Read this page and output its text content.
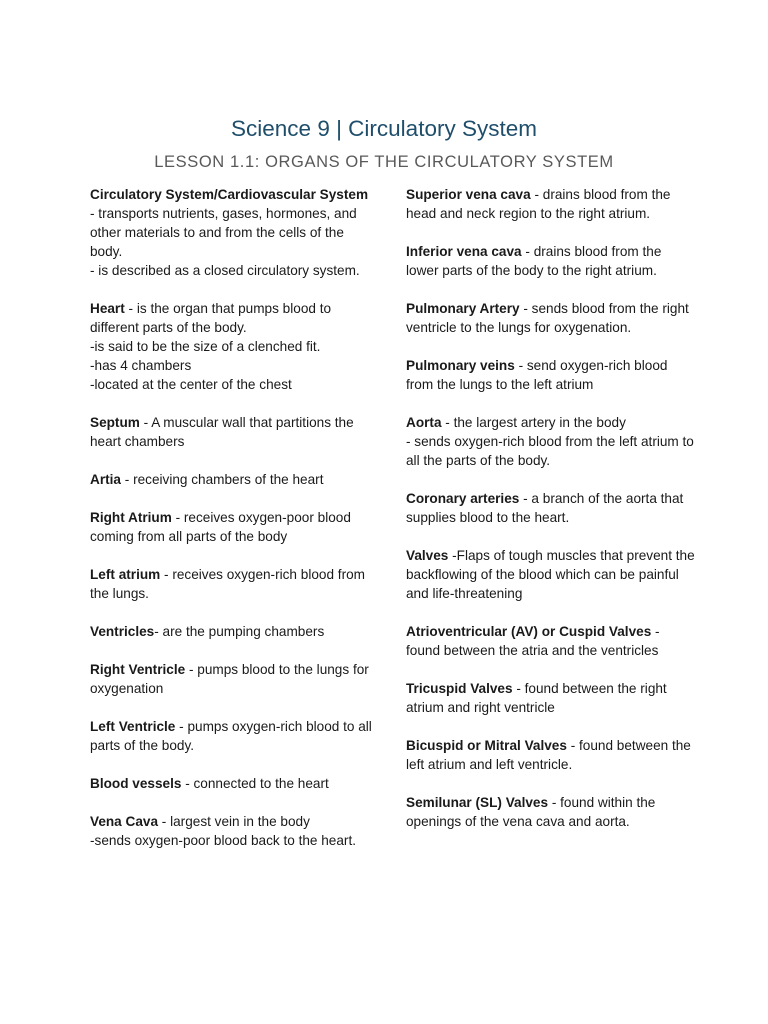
Science 9 | Circulatory System
LESSON 1.1: ORGANS OF THE CIRCULATORY SYSTEM

Circulatory System/Cardiovascular System - transports nutrients, gases, hormones, and other materials to and from the cells of the body.

- is described as a closed circulatory system.

Heart - is the organ that pumps blood to different parts of the body.

-is said to be the size of a clenched fit.

-has 4 chambers

-located at the center of the chest

Septum - A muscular wall that partitions the heart chambers

Artia - receiving chambers of the heart

Right Atrium - receives oxygen-poor blood coming from all parts of the body

Left atrium - receives oxygen-rich blood from the lungs.

Ventricles- are the pumping chambers

Right Ventricle - pumps blood to the lungs for oxygenation

Left Ventricle - pumps oxygen-rich blood to all parts of the body.

Blood vessels - connected to the heart

Vena Cava - largest vein in the body

-sends oxygen-poor blood back to the heart.

Superior vena cava - drains blood from the head and neck region to the right atrium.

Inferior vena cava - drains blood from the lower parts of the body to the right atrium.

Pulmonary Artery - sends blood from the right ventricle to the lungs for oxygenation.

Pulmonary veins - send oxygen-rich blood from the lungs to the left atrium

Aorta - the largest artery in the body

- sends oxygen-rich blood from the left atrium to all the parts of the body.

Coronary arteries - a branch of the aorta that supplies blood to the heart.

Valves -Flaps of tough muscles that prevent the backflowing of the blood which can be painful and life-threatening

Atrioventricular (AV) or Cuspid Valves - found between the atria and the ventricles

Tricuspid Valves - found between the right atrium and right ventricle

Bicuspid or Mitral Valves - found between the left atrium and left ventricle.

Semilunar (SL) Valves - found within the openings of the vena cava and aorta.
